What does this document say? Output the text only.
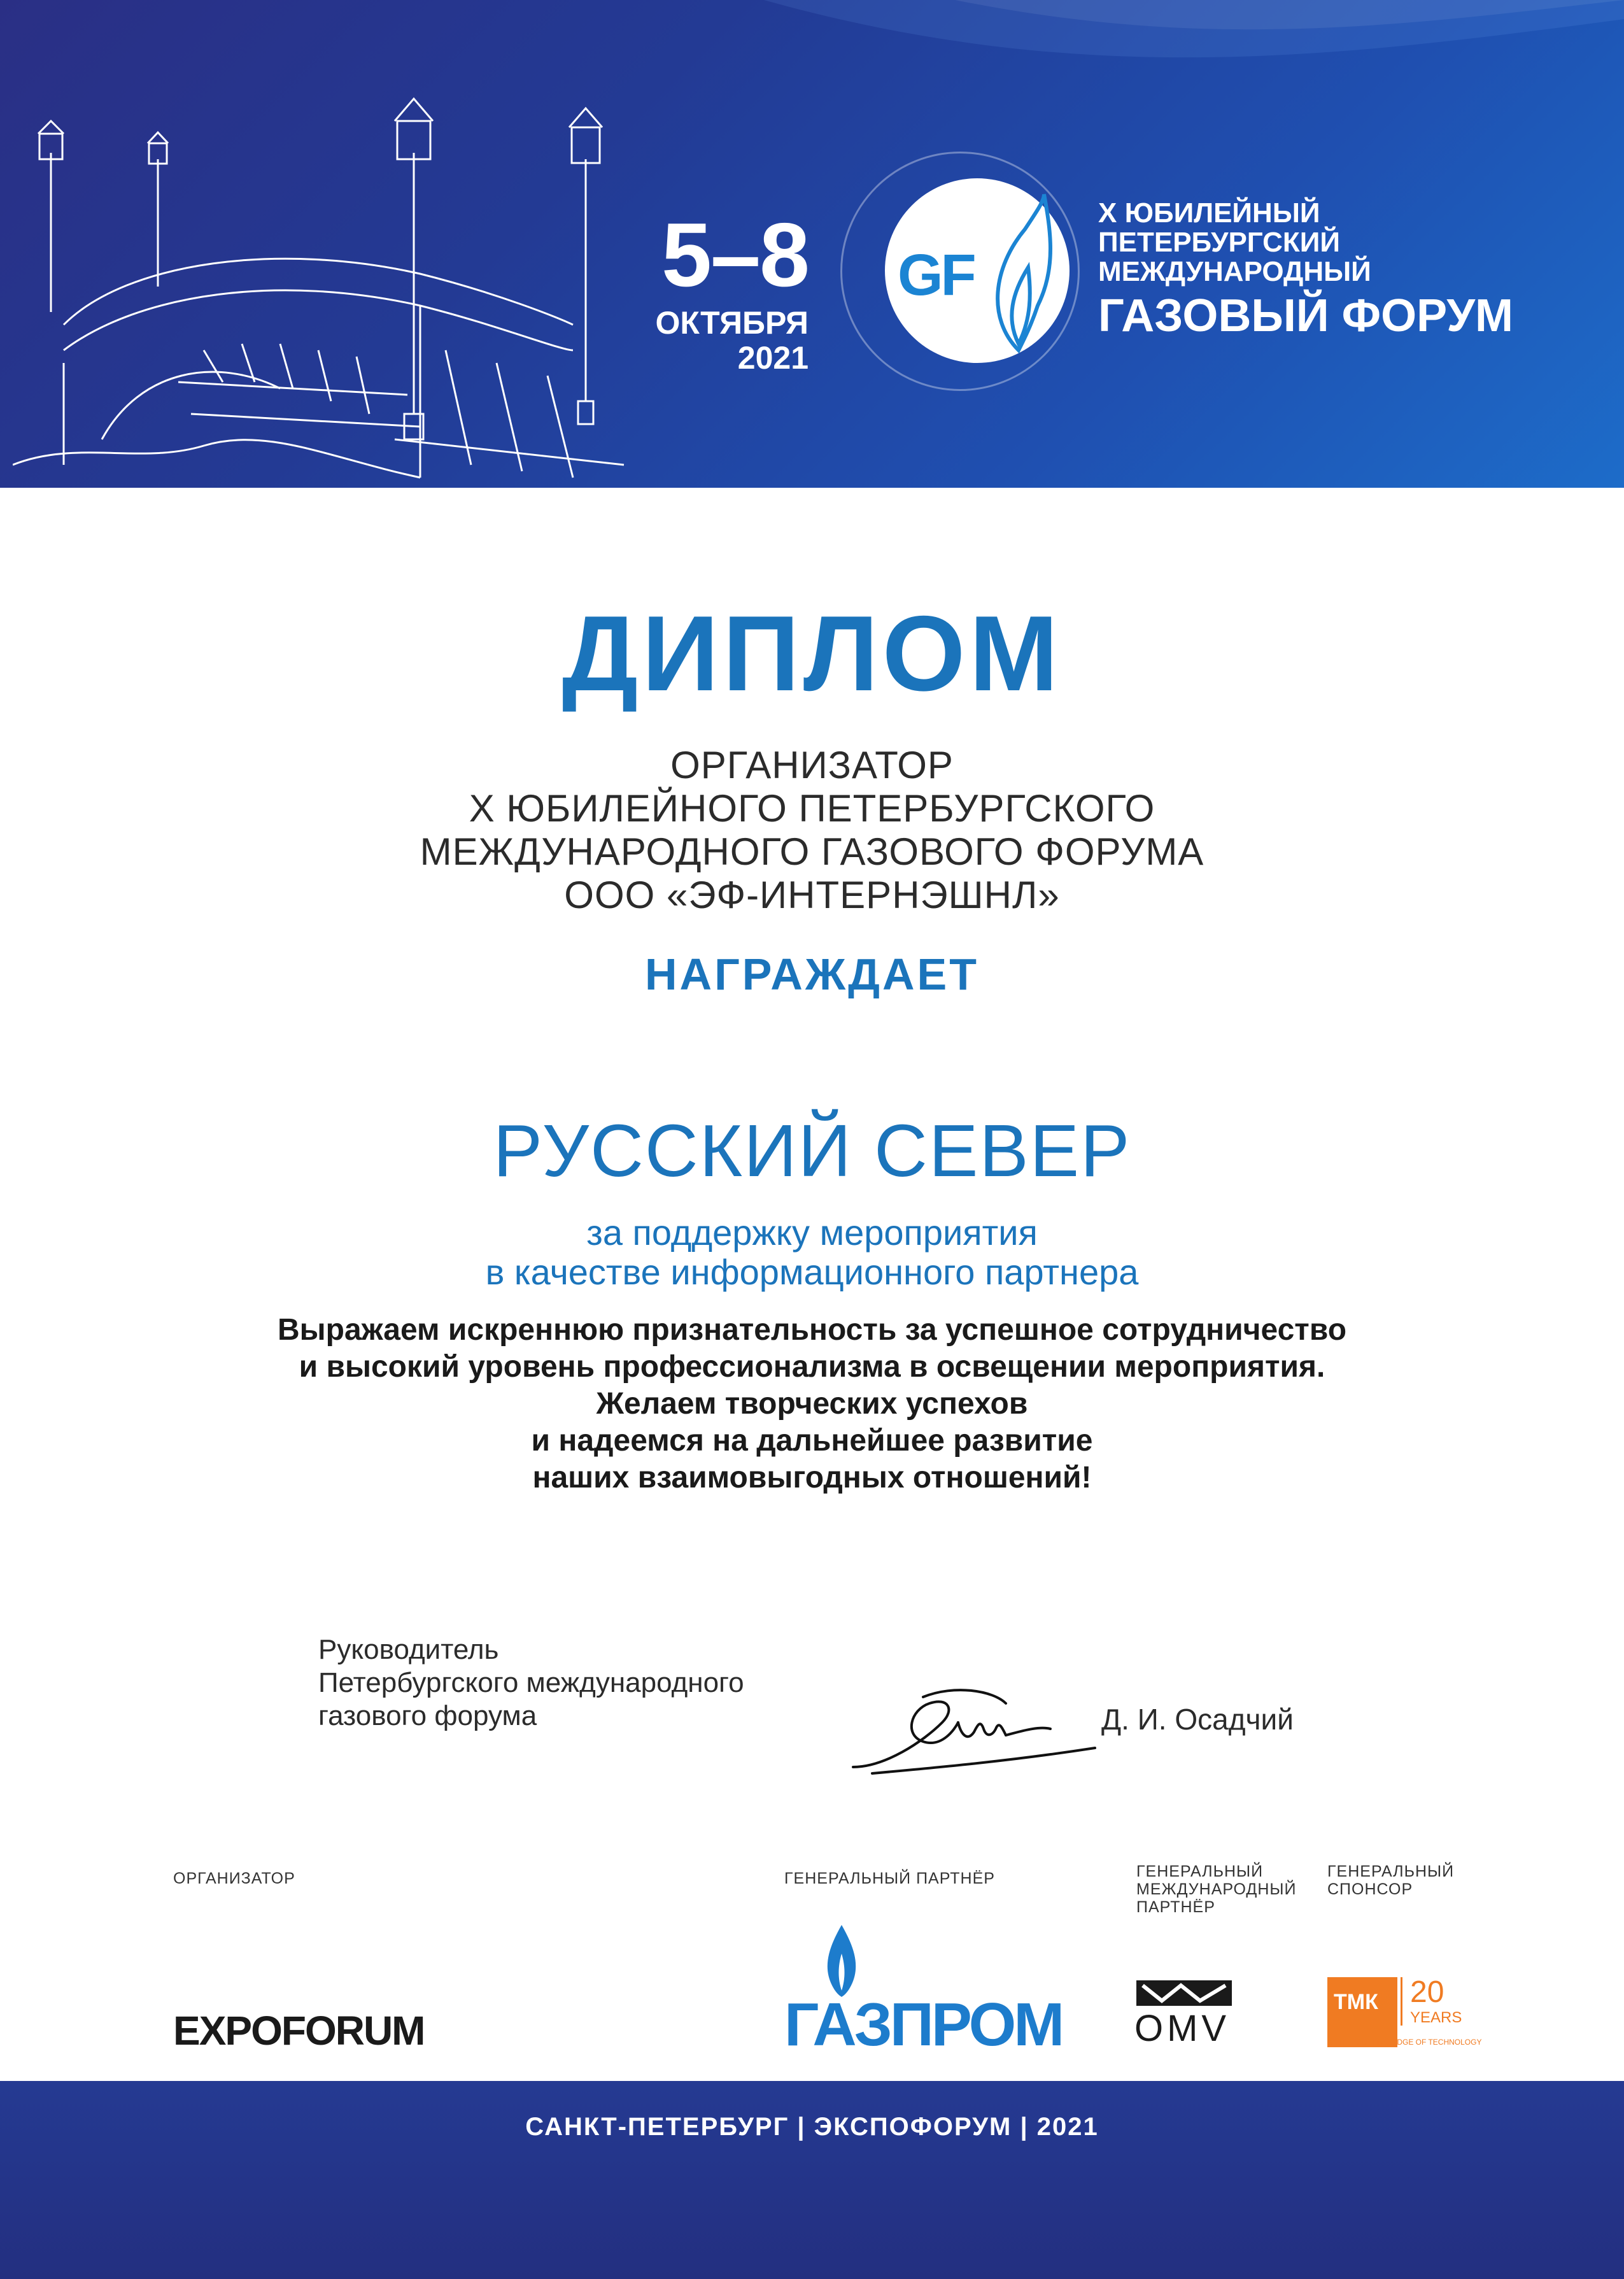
5–8
ОКТЯБРЯ
2021
GF
X ЮБИЛЕЙНЫЙ
ПЕТЕРБУРГСКИЙ
МЕЖДУНАРОДНЫЙ
ГАЗОВЫЙ ФОРУМ
ДИПЛОМ
ОРГАНИЗАТОР
X ЮБИЛЕЙНОГО ПЕТЕРБУРГСКОГО
МЕЖДУНАРОДНОГО ГАЗОВОГО ФОРУМА
ООО «ЭФ-ИНТЕРНЭШНЛ»
НАГРАЖДАЕТ
РУССКИЙ СЕВЕР
за поддержку мероприятия
в качестве информационного партнера
Выражаем искреннюю признательность за успешное сотрудничество
и высокий уровень профессионализма в освещении мероприятия.
Желаем творческих успехов
и надеемся на дальнейшее развитие
наших взаимовыгодных отношений!
Руководитель
Петербургского международного
газового форума	Д. И. Осадчий
ОРГАНИЗАТОР
EXPOFORUM
ГЕНЕРАЛЬНЫЙ ПАРТНЁР
ГАЗПРОМ
ГЕНЕРАЛЬНЫЙ
МЕЖДУНАРОДНЫЙ
ПАРТНЁР
OMV
ГЕНЕРАЛЬНЫЙ
СПОНСОР
ТМК 20
YEARS
AT THE CUTTING EDGE OF TECHNOLOGY
САНКТ-ПЕТЕРБУРГ | ЭКСПОФОРУМ | 2021
